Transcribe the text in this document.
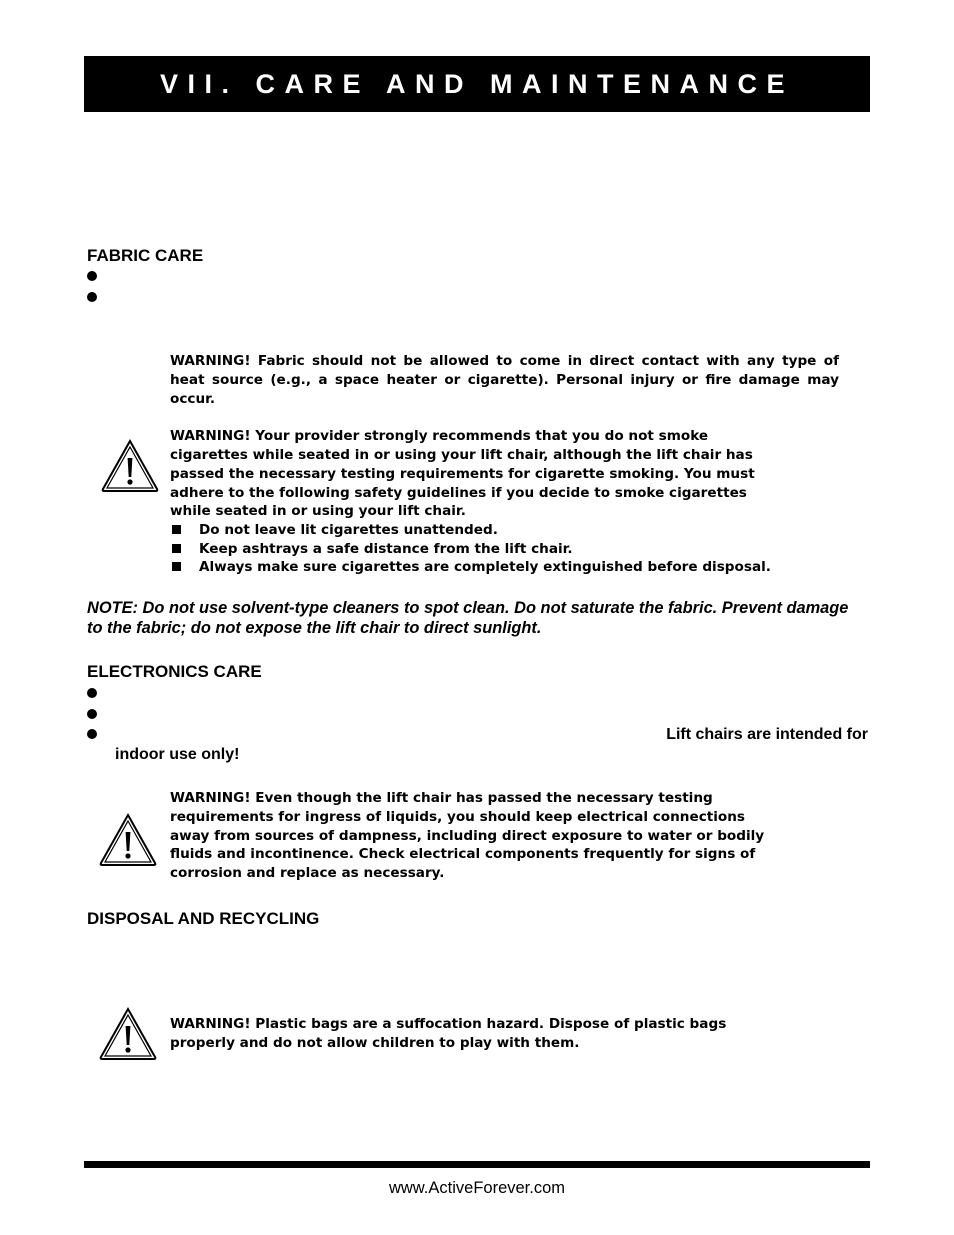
VII. CARE AND MAINTENANCE
FABRIC CARE
WARNING! Fabric should not be allowed to come in direct contact with any type of heat source (e.g., a space heater or cigarette). Personal injury or fire damage may occur.
WARNING! Your provider strongly recommends that you do not smoke
cigarettes while seated in or using your lift chair, although the lift chair has
passed the necessary testing requirements for cigarette smoking. You must
adhere to the following safety guidelines if you decide to smoke cigarettes
while seated in or using your lift chair.
Do not leave lit cigarettes unattended.
Keep ashtrays a safe distance from the lift chair.
Always make sure cigarettes are completely extinguished before disposal.
NOTE: Do not use solvent-type cleaners to spot clean. Do not saturate the fabric. Prevent damage
to the fabric; do not expose the lift chair to direct sunlight.
ELECTRONICS CARE
Lift chairs are intended for
indoor use only!
WARNING! Even though the lift chair has passed the necessary testing
requirements for ingress of liquids, you should keep electrical connections
away from sources of dampness, including direct exposure to water or bodily
fluids and incontinence. Check electrical components frequently for signs of
corrosion and replace as necessary.
DISPOSAL AND RECYCLING
WARNING! Plastic bags are a suffocation hazard. Dispose of plastic bags
properly and do not allow children to play with them.
www.ActiveForever.com
